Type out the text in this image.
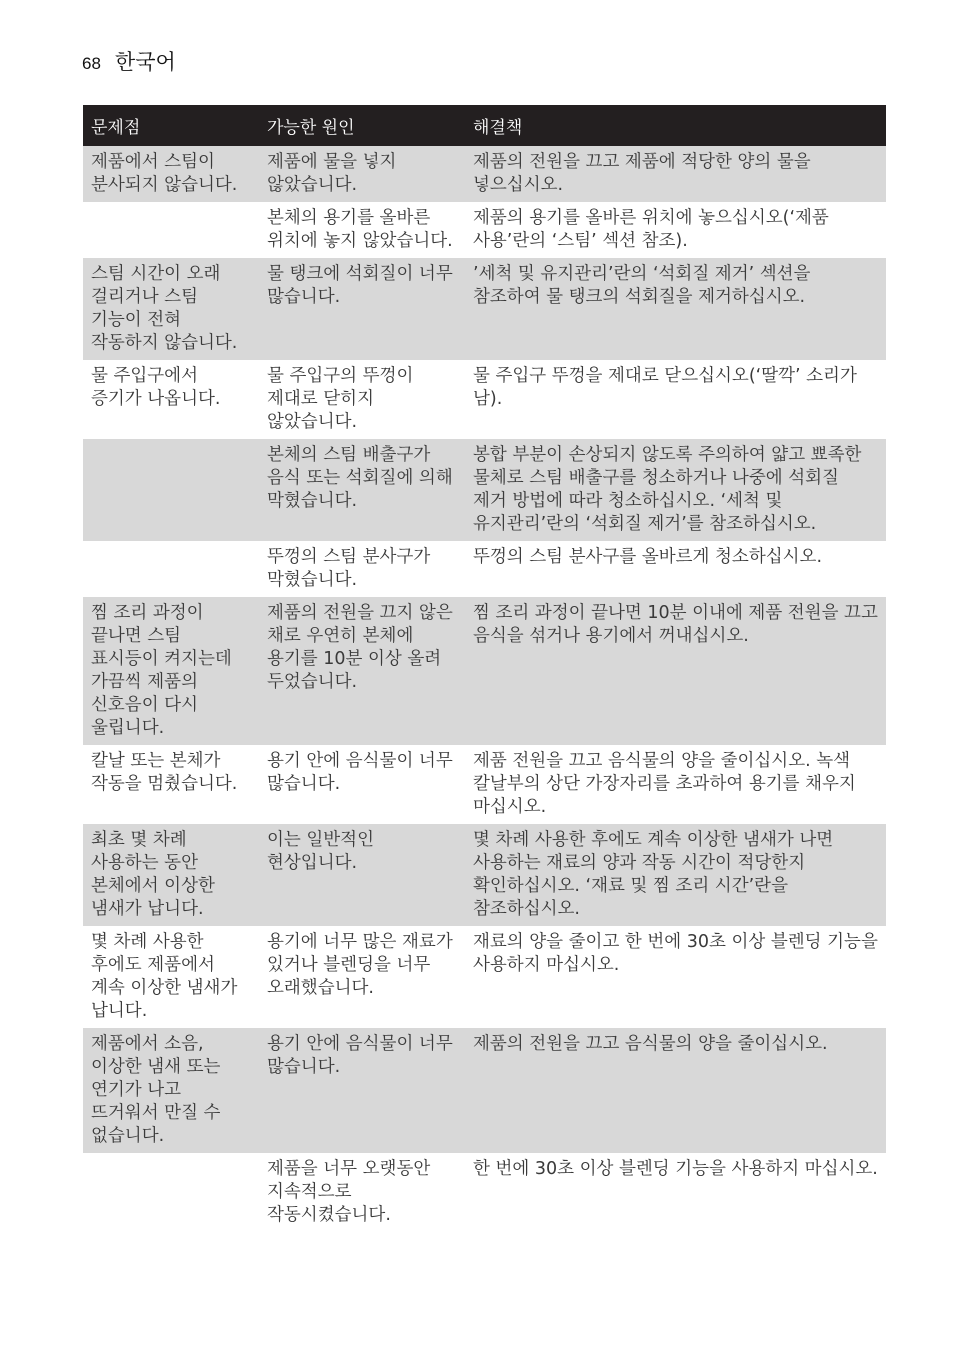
68 한국어
문제점	가능한 원인	해결책
제품에서 스팀이 분사되지 않습니다.	제품에 물을 넣지 않았습니다.	제품의 전원을 끄고 제품에 적당한 양의 물을 넣으십시오.
	본체의 용기를 올바른 위치에 놓지 않았습니다.	제품의 용기를 올바른 위치에 놓으십시오(‘제품 사용’란의 ‘스팀’ 섹션 참조).
스팀 시간이 오래 걸리거나 스팀 기능이 전혀 작동하지 않습니다.	물 탱크에 석회질이 너무 많습니다.	’세척 및 유지관리’란의 ‘석회질 제거’ 섹션을 참조하여 물 탱크의 석회질을 제거하십시오.
물 주입구에서 증기가 나옵니다.	물 주입구의 뚜껑이 제대로 닫히지 않았습니다.	물 주입구 뚜껑을 제대로 닫으십시오(‘딸깍’ 소리가 남).
	본체의 스팀 배출구가 음식 또는 석회질에 의해 막혔습니다.	봉합 부분이 손상되지 않도록 주의하여 얇고 뾰족한 물체로 스팀 배출구를 청소하거나 나중에 석회질 제거 방법에 따라 청소하십시오. ‘세척 및 유지관리’란의 ‘석회질 제거’를 참조하십시오.
	뚜껑의 스팀 분사구가 막혔습니다.	뚜껑의 스팀 분사구를 올바르게 청소하십시오.
찜 조리 과정이 끝나면 스팀 표시등이 켜지는데 가끔씩 제품의 신호음이 다시 울립니다.	제품의 전원을 끄지 않은 채로 우연히 본체에 용기를 10분 이상 올려 두었습니다.	찜 조리 과정이 끝나면 10분 이내에 제품 전원을 끄고 음식을 섞거나 용기에서 꺼내십시오.
칼날 또는 본체가 작동을 멈췄습니다.	용기 안에 음식물이 너무 많습니다.	제품 전원을 끄고 음식물의 양을 줄이십시오. 녹색 칼날부의 상단 가장자리를 초과하여 용기를 채우지 마십시오.
최초 몇 차례 사용하는 동안 본체에서 이상한 냄새가 납니다.	이는 일반적인 현상입니다.	몇 차례 사용한 후에도 계속 이상한 냄새가 나면 사용하는 재료의 양과 작동 시간이 적당한지 확인하십시오. ‘재료 및 찜 조리 시간’란을 참조하십시오.
몇 차례 사용한 후에도 제품에서 계속 이상한 냄새가 납니다.	용기에 너무 많은 재료가 있거나 블렌딩을 너무 오래했습니다.	재료의 양을 줄이고 한 번에 30초 이상 블렌딩 기능을 사용하지 마십시오.
제품에서 소음, 이상한 냄새 또는 연기가 나고 뜨거워서 만질 수 없습니다.	용기 안에 음식물이 너무 많습니다.	제품의 전원을 끄고 음식물의 양을 줄이십시오.
	제품을 너무 오랫동안 지속적으로 작동시켰습니다.	한 번에 30초 이상 블렌딩 기능을 사용하지 마십시오.
